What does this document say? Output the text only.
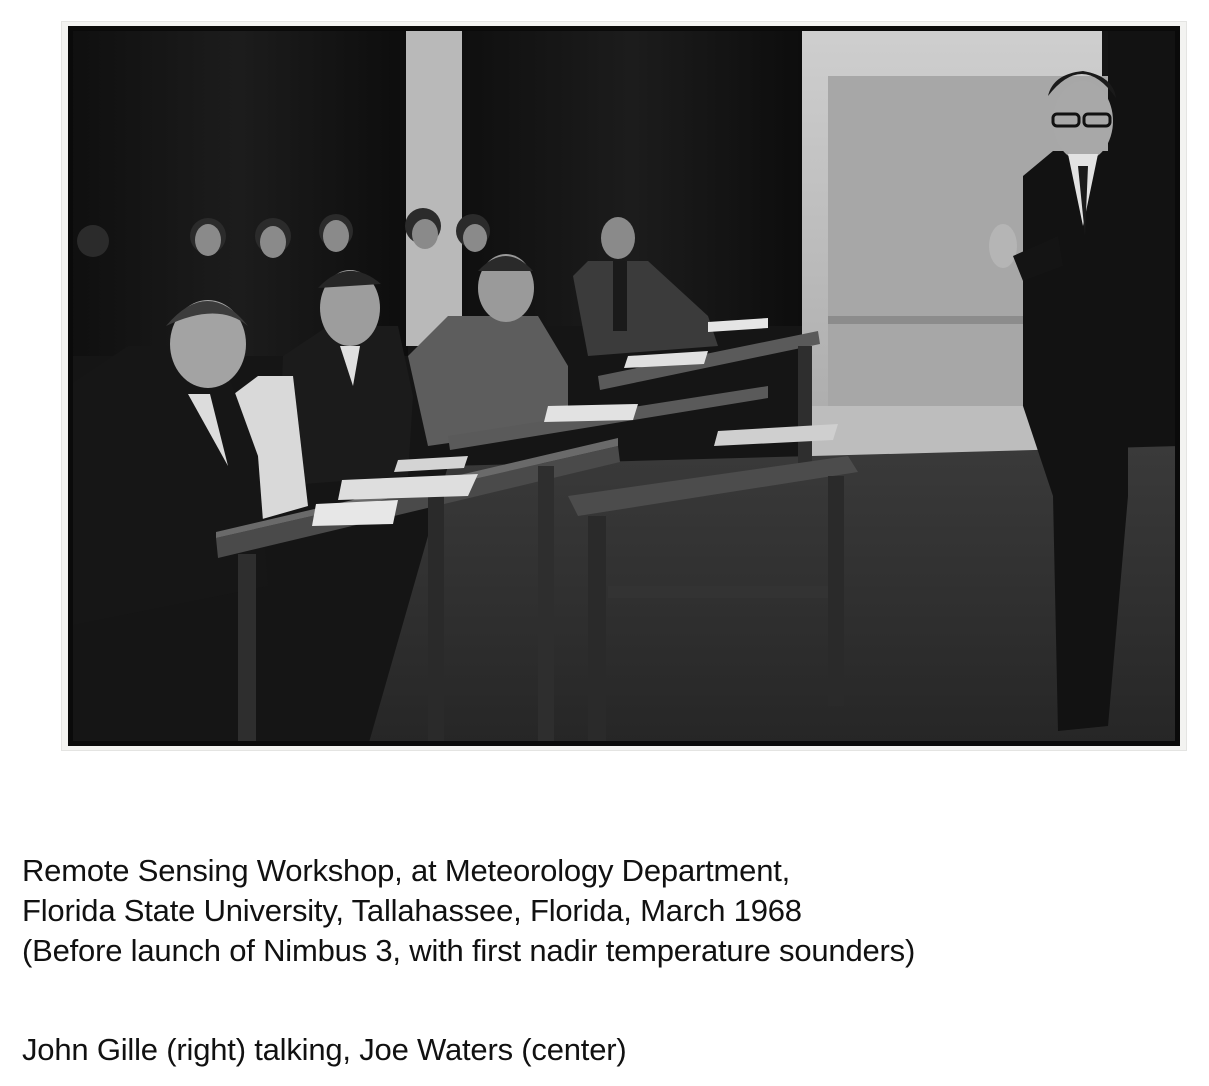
Remote Sensing Workshop, at Meteorology Department,
Florida State University, Tallahassee, Florida, March 1968
(Before launch of Nimbus 3, with first nadir temperature sounders)
John Gille (right) talking, Joe Waters (center)
